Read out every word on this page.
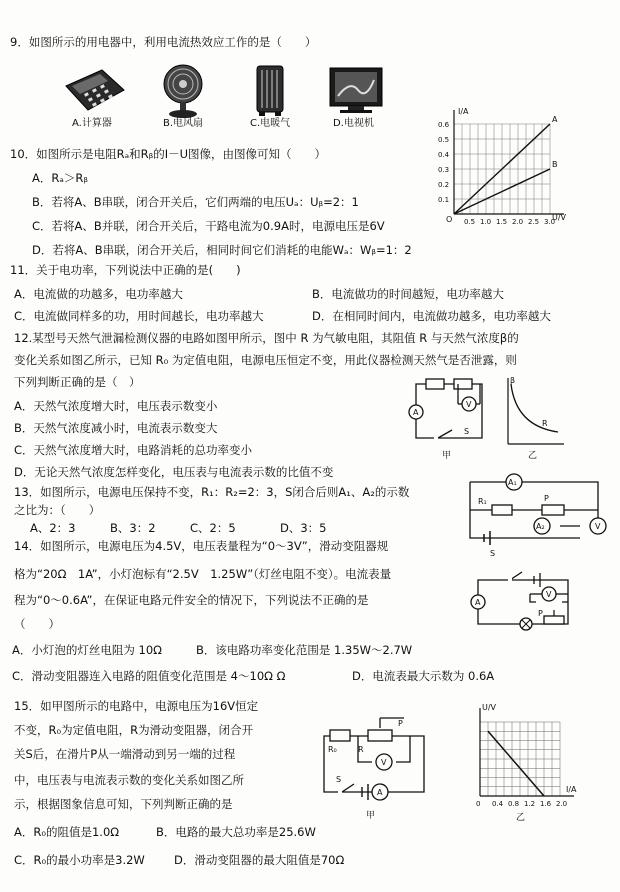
9．如图所示的用电器中，利用电流热效应工作的是（　　）
A.计算器	B.电风扇	C.电暖气	D.电视机
I/A
U/V
O 0.5 1.0 1.5 2.0 2.5 3.0
0.1
0.2
0.3
0.4
0.5
0.6
A
B
10．如图所示是电阻Rₐ和Rᵦ的I－U图像，由图像可知（　　）
A．Rₐ＞Rᵦ
B．若将A、B串联，闭合开关后，它们两端的电压Uₐ：Uᵦ=2：1
C．若将A、B并联，闭合开关后，干路电流为0.9A时，电源电压是6V
D．若将A、B串联，闭合开关后，相同时间它们消耗的电能Wₐ：Wᵦ=1：2
11．关于电功率，下列说法中正确的是(　　)
A．电流做的功越多，电功率越大	B．电流做功的时间越短，电功率越大
C．电流做同样多的功，用时间越长，电功率越大	D．在相同时间内，电流做功越多，电功率越大
12.某型号天然气泄漏检测仪器的电路如图甲所示，图中 R 为气敏电阻，其阻值 R 与天然气浓度β的
变化关系如图乙所示，已知 R₀ 为定值电阻，电源电压恒定不变，用此仪器检测天然气是否泄露，则
下列判断正确的是（　）
A．天然气浓度增大时，电压表示数变小
B．天然气浓度减小时，电流表示数变大
C．天然气浓度增大时，电路消耗的总功率变小
D．无论天然气浓度怎样变化，电压表与电流表示数的比值不变
V
A
S
甲
β
R
乙
13．如图所示，电源电压保持不变，R₁：R₂=2：3，S闭合后则A₁、A₂的示数
之比为：（　　）
A、2：3	B、3：2	C、2：5	D、3：5
A₁
R₁	P
A₂	V
S
14．如图所示，电源电压为4.5V，电压表量程为“0～3V”，滑动变阻器规
格为“20Ω　1A”，小灯泡标有“2.5V　1.25W”（灯丝电阻不变）。电流表量
程为“0～0.6A”，在保证电路元件安全的情况下，下列说法不正确的是
（　　）
A．小灯泡的灯丝电阻为 10Ω	B．该电路功率变化范围是 1.35W～2.7W
C．滑动变阻器连入电路的阻值变化范围是 4～10Ω Ω	D．电流表最大示数为 0.6A
A
V
P
15．如甲图所示的电路中，电源电压为16V恒定
不变，R₀为定值电阻，R为滑动变阻器，闭合开
关S后，在滑片P从一端滑动到另一端的过程
中，电压表与电流表示数的变化关系如图乙所
示，根据图象信息可知，下列判断正确的是
A．R₀的阻值是1.0Ω	B．电路的最大总功率是25.6W
C．R₀的最小功率是3.2W	D．滑动变阻器的最大阻值是70Ω
R₀	R
P
V
S
A
甲
U/V
I/A
0 0.4 0.8 1.2 1.6 2.0
乙
